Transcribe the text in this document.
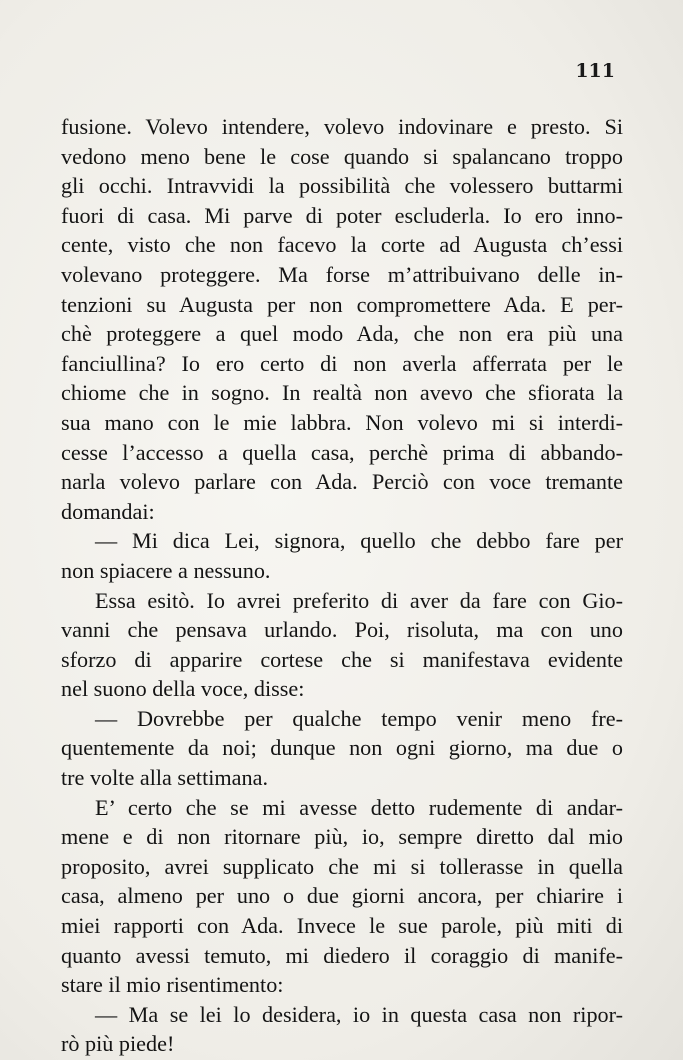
111
fusione. Volevo intendere, volevo indovinare e presto. Si
vedono meno bene le cose quando si spalancano troppo
gli occhi. Intravvidi la possibilità che volessero buttarmi
fuori di casa. Mi parve di poter escluderla. Io ero inno-
cente, visto che non facevo la corte ad Augusta ch’essi
volevano proteggere. Ma forse m’attribuivano delle in-
tenzioni su Augusta per non compromettere Ada. E per-
chè proteggere a quel modo Ada, che non era più una
fanciullina? Io ero certo di non averla afferrata per le
chiome che in sogno. In realtà non avevo che sfiorata la
sua mano con le mie labbra. Non volevo mi si interdi-
cesse l’accesso a quella casa, perchè prima di abbando-
narla volevo parlare con Ada. Perciò con voce tremante
domandai:
— Mi dica Lei, signora, quello che debbo fare per
non spiacere a nessuno.
Essa esitò. Io avrei preferito di aver da fare con Gio-
vanni che pensava urlando. Poi, risoluta, ma con uno
sforzo di apparire cortese che si manifestava evidente
nel suono della voce, disse:
— Dovrebbe per qualche tempo venir meno fre-
quentemente da noi; dunque non ogni giorno, ma due o
tre volte alla settimana.
E’ certo che se mi avesse detto rudemente di andar-
mene e di non ritornare più, io, sempre diretto dal mio
proposito, avrei supplicato che mi si tollerasse in quella
casa, almeno per uno o due giorni ancora, per chiarire i
miei rapporti con Ada. Invece le sue parole, più miti di
quanto avessi temuto, mi diedero il coraggio di manife-
stare il mio risentimento:
— Ma se lei lo desidera, io in questa casa non ripor-
rò più piede!
